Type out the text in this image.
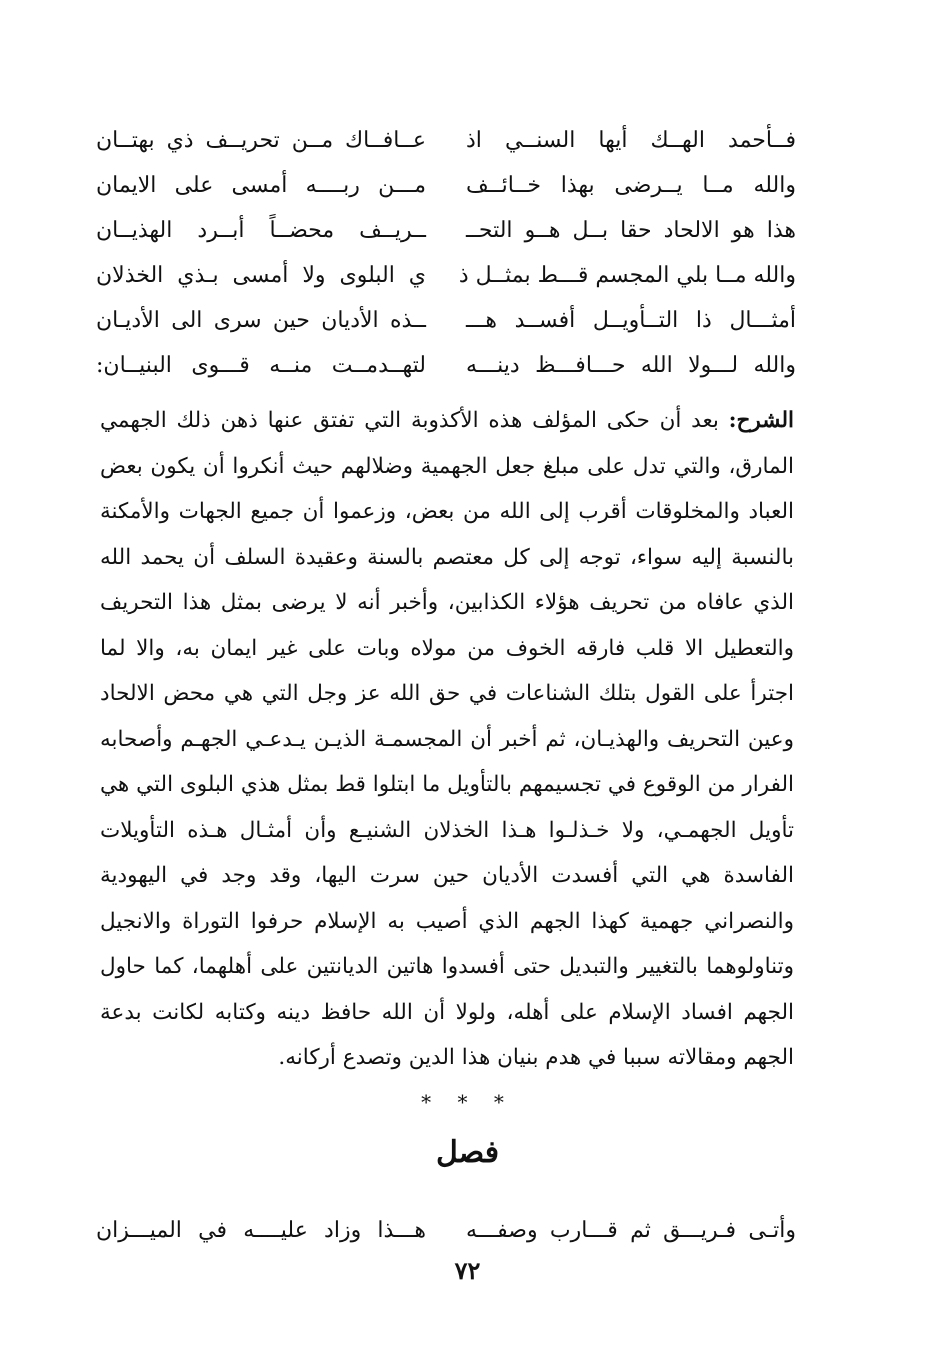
فــأحمد الهــك أيها السنــي اذ
عــافــاك مــن تحريــف ذي بهتــان
والله مــا يــرضى بهذا خــائــف
مـــن ربــــه أمسى على الايمان
هذا هو الالحاد حقا بــل هــو التحــ
ــريــف محضــاً أبــرد الهذيــان
والله مــا بلي المجسم قـــط بمثــل ذ
ي البلوى ولا أمسى بـذي الخذلان
أمثـــال ذا التــأويــل أفســد هـــ
ــذه الأديان حين سرى الى الأديـان
والله لـــولا الله حـــافـــظ دينـــه
لتهــدمــت منــه قـــوى البنيــان:

الشرح: بعد أن حكى المؤلف هذه الأكذوبة التي تفتق عنها ذهن ذلك الجهمي المارق، والتي تدل على مبلغ جعل الجهمية وضلالهم حيث أنكروا أن يكون بعض العباد والمخلوقات أقرب إلى الله من بعض، وزعموا أن جميع الجهات والأمكنة بالنسبة إليه سواء، توجه إلى كل معتصم بالسنة وعقيدة السلف أن يحمد الله الذي عافاه من تحريف هؤلاء الكذابين، وأخبر أنه لا يرضى بمثل هذا التحريف والتعطيل الا قلب فارقه الخوف من مولاه وبات على غير ايمان به، والا لما اجترأ على القول بتلك الشناعات في حق الله عز وجل التي هي محض الالحاد وعين التحريف والهذيـان، ثم أخبر أن المجسمـة الذيـن يـدعـي الجهـم وأصحابه الفرار من الوقوع في تجسيمهم بالتأويل ما ابتلوا قط بمثل هذي البلوى التي هي تأويل الجهمـي، ولا خـذلـوا هـذا الخذلان الشنيـع وأن أمثـال هـذه التأويلات الفاسدة هي التي أفسدت الأديان حين سرت اليها، وقد وجد في اليهودية والنصراني جهمية كهذا الجهم الذي أصيب به الإسلام حرفوا التوراة والانجيل وتناولوهما بالتغيير والتبديل حتى أفسدوا هاتين الديانتين على أهلهما، كما حاول الجهم افساد الإسلام على أهله، ولولا أن الله حافظ دينه وكتابه لكانت بدعة الجهم ومقالاته سببا في هدم بنيان هذا الدين وتصدع أركانه.

* * *
فصل
وأتـى فـريـــق ثم قـــارب وصفـــه
هـــذا وزاد عليــــه في الميـــزان
٧٢
